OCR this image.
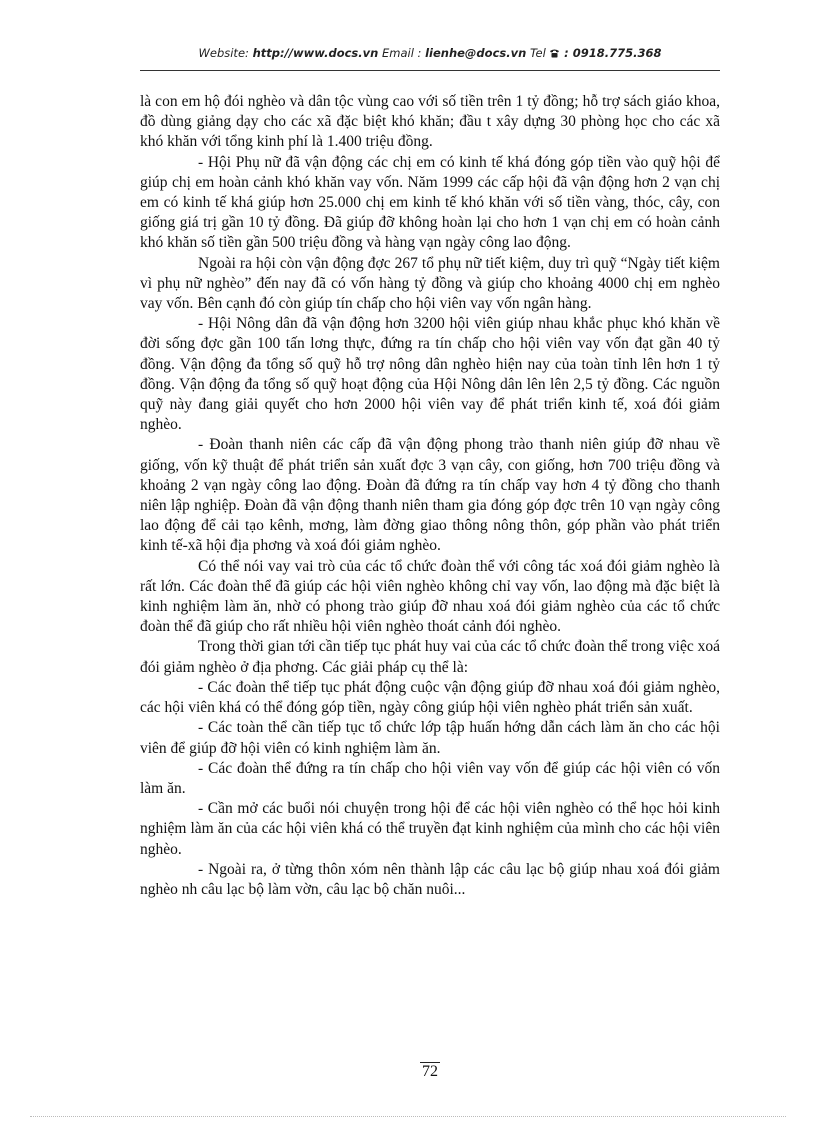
Website: http://www.docs.vn Email : lienhe@docs.vn Tel : 0918.775.368

là con em hộ đói nghèo và dân tộc vùng cao với số tiền trên 1 tỷ đồng; hỗ trợ sách giáo khoa, đồ dùng giảng dạy cho các xã đặc biệt khó khăn; đầu t xây dựng 30 phòng học cho các xã khó khăn với tổng kinh phí là 1.400 triệu đồng.

- Hội Phụ nữ đã vận động các chị em có kinh tế khá đóng góp tiền vào quỹ hội để giúp chị em hoàn cảnh khó khăn vay vốn. Năm 1999 các cấp hội đã vận động hơn 2 vạn chị em có kinh tế khá giúp hơn 25.000 chị em kinh tế khó khăn với số tiền vàng, thóc, cây, con giống giá trị gần 10 tỷ đồng. Đã giúp đỡ không hoàn lại cho hơn 1 vạn chị em có hoàn cảnh khó khăn số tiền gần 500 triệu đồng và hàng vạn ngày công lao động.

Ngoài ra hội còn vận động đợc 267 tổ phụ nữ tiết kiệm, duy trì quỹ “Ngày tiết kiệm vì phụ nữ nghèo” đến nay đã có vốn hàng tỷ đồng và giúp cho khoảng 4000 chị em nghèo vay vốn. Bên cạnh đó còn giúp tín chấp cho hội viên vay vốn ngân hàng.

- Hội Nông dân đã vận động hơn 3200 hội viên giúp nhau khắc phục khó khăn về đời sống đợc gần 100 tấn lơng thực, đứng ra tín chấp cho hội viên vay vốn đạt gần 40 tỷ đồng. Vận động đa tổng số quỹ hỗ trợ nông dân nghèo hiện nay của toàn tỉnh lên hơn 1 tỷ đồng. Vận động đa tổng số quỹ hoạt động của Hội Nông dân lên lên 2,5 tỷ đồng. Các nguồn quỹ này đang giải quyết cho hơn 2000 hội viên vay để phát triển kinh tế, xoá đói giảm nghèo.

- Đoàn thanh niên các cấp đã vận động phong trào thanh niên giúp đỡ nhau về giống, vốn kỹ thuật để phát triển sản xuất đợc 3 vạn cây, con giống, hơn 700 triệu đồng và khoảng 2 vạn ngày công lao động. Đoàn đã đứng ra tín chấp vay hơn 4 tỷ đồng cho thanh niên lập nghiệp. Đoàn đã vận động thanh niên tham gia đóng góp đợc trên 10 vạn ngày công lao động để cải tạo kênh, mơng, làm đờng giao thông nông thôn, góp phần vào phát triển kinh tế-xã hội địa phơng và xoá đói giảm nghèo.

Có thể nói vay vai trò của các tổ chức đoàn thể với công tác xoá đói giảm nghèo là rất lớn. Các đoàn thể đã giúp các hội viên nghèo không chỉ vay vốn, lao động mà đặc biệt là kinh nghiệm làm ăn, nhờ có phong trào giúp đỡ nhau xoá đói giảm nghèo của các tổ chức đoàn thể đã giúp cho rất nhiều hội viên nghèo thoát cảnh đói nghèo.

Trong thời gian tới cần tiếp tục phát huy vai của các tổ chức đoàn thể trong việc xoá đói giảm nghèo ở địa phơng. Các giải pháp cụ thể là:

- Các đoàn thể tiếp tục phát động cuộc vận động giúp đỡ nhau xoá đói giảm nghèo, các hội viên khá có thể đóng góp tiền, ngày công giúp hội viên nghèo phát triển sản xuất.

- Các toàn thể cần tiếp tục tổ chức lớp tập huấn hớng dẫn cách làm ăn cho các hội viên để giúp đỡ hội viên có kinh nghiệm làm ăn.

- Các đoàn thể đứng ra tín chấp cho hội viên vay vốn để giúp các hội viên có vốn làm ăn.

- Cần mở các buổi nói chuyện trong hội để các hội viên nghèo có thể học hỏi kinh nghiệm làm ăn của các hội viên khá có thể truyền đạt kinh nghiệm của mình cho các hội viên nghèo.

- Ngoài ra, ở từng thôn xóm nên thành lập các câu lạc bộ giúp nhau xoá đói giảm nghèo nh câu lạc bộ làm vờn, câu lạc bộ chăn nuôi...

72
